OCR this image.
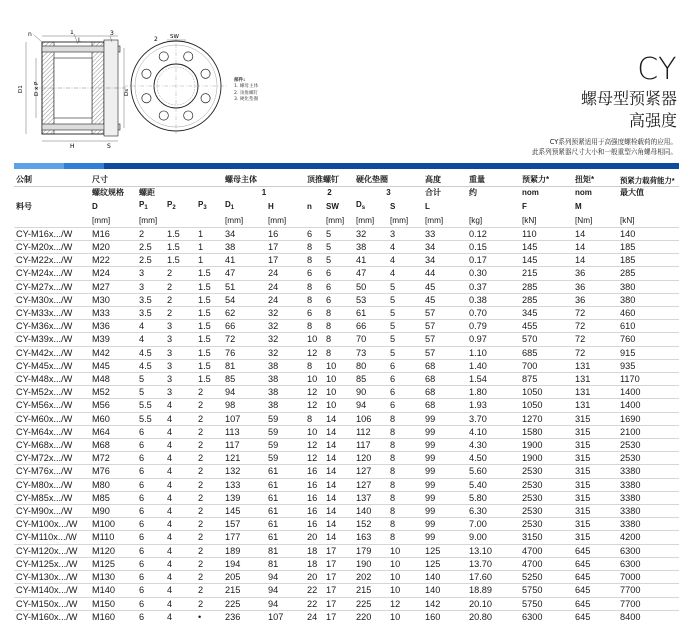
n	1	3
L
D1 D x P	Ds
H	S
2 SW
部件:
1. 螺母主体
2. 顶推螺钉
3. 硬化垫圈
CY
螺母型预紧器
高强度
CY系列预紧适用于高强度螺栓载荷的应用。
此系列预紧器尺寸大小和一般重型六角螺母相同。
公制	尺寸				螺母主体		顶推螺钉		硬化垫圈		高度	重量	预紧力*	扭矩*	预紧力载荷能力*
	螺纹规格	螺距			1		2		3		合计	约	nom	nom	最大值
料号	D	$P_1$	$P_2$	$P_3$	$D_1$	H	n	SW	$D_s$	S	L		F	M	
	[mm]	[mm]			[mm]	[mm]		[mm]	[mm]	[mm]	[mm]	[kg]	[kN]	[Nm]	[kN]
CY-M16x.../W	M16	2	1.5	1	34	16	6	5	32	3	33	0.12	110	14	140
CY-M20x.../W	M20	2.5	1.5	1	38	17	8	5	38	4	34	0.15	145	14	185
CY-M22x.../W	M22	2.5	1.5	1	41	17	8	5	41	4	34	0.17	145	14	185
CY-M24x.../W	M24	3	2	1.5	47	24	6	6	47	4	44	0.30	215	36	285
CY-M27x.../W	M27	3	2	1.5	51	24	8	6	50	5	45	0.37	285	36	380
CY-M30x.../W	M30	3.5	2	1.5	54	24	8	6	53	5	45	0.38	285	36	380
CY-M33x.../W	M33	3.5	2	1.5	62	32	6	8	61	5	57	0.70	345	72	460
CY-M36x.../W	M36	4	3	1.5	66	32	8	8	66	5	57	0.79	455	72	610
CY-M39x.../W	M39	4	3	1.5	72	32	10	8	70	5	57	0.97	570	72	760
CY-M42x.../W	M42	4.5	3	1.5	76	32	12	8	73	5	57	1.10	685	72	915
CY-M45x.../W	M45	4.5	3	1.5	81	38	8	10	80	6	68	1.40	700	131	935
CY-M48x.../W	M48	5	3	1.5	85	38	10	10	85	6	68	1.54	875	131	1170
CY-M52x.../W	M52	5	3	2	94	38	12	10	90	6	68	1.80	1050	131	1400
CY-M56x.../W	M56	5.5	4	2	98	38	12	10	94	6	68	1.93	1050	131	1400
CY-M60x.../W	M60	5.5	4	2	107	59	8	14	106	8	99	3.70	1270	315	1690
CY-M64x.../W	M64	6	4	2	113	59	10	14	112	8	99	4.10	1580	315	2100
CY-M68x.../W	M68	6	4	2	117	59	12	14	117	8	99	4.30	1900	315	2530
CY-M72x.../W	M72	6	4	2	121	59	12	14	120	8	99	4.50	1900	315	2530
CY-M76x.../W	M76	6	4	2	132	61	16	14	127	8	99	5.60	2530	315	3380
CY-M80x.../W	M80	6	4	2	133	61	16	14	127	8	99	5.40	2530	315	3380
CY-M85x.../W	M85	6	4	2	139	61	16	14	137	8	99	5.80	2530	315	3380
CY-M90x.../W	M90	6	4	2	145	61	16	14	140	8	99	6.30	2530	315	3380
CY-M100x.../W	M100	6	4	2	157	61	16	14	152	8	99	7.00	2530	315	3380
CY-M110x.../W	M110	6	4	2	177	61	20	14	163	8	99	9.00	3150	315	4200
CY-M120x.../W	M120	6	4	2	189	81	18	17	179	10	125	13.10	4700	645	6300
CY-M125x.../W	M125	6	4	2	194	81	18	17	190	10	125	13.70	4700	645	6300
CY-M130x.../W	M130	6	4	2	205	94	20	17	202	10	140	17.60	5250	645	7000
CY-M140x.../W	M140	6	4	2	215	94	22	17	215	10	140	18.89	5750	645	7700
CY-M150x.../W	M150	6	4	2	225	94	22	17	225	12	142	20.10	5750	645	7700
CY-M160x.../W	M160	6	4	•	236	107	24	17	220	10	160	20.80	6300	645	8400
